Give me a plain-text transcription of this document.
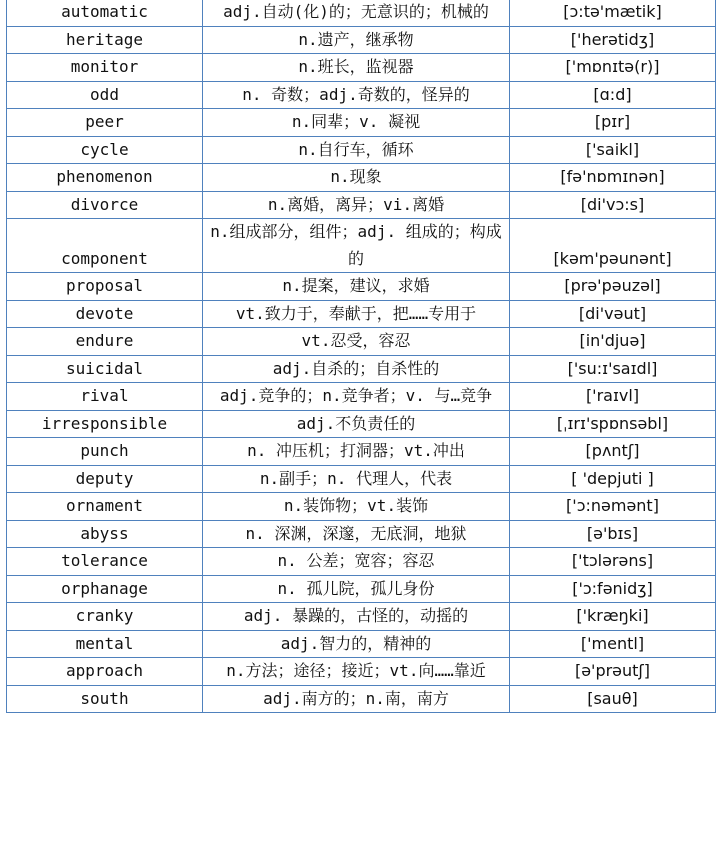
automatic	adj.自动(化)的；无意识的；机械的	[ɔ:tə'mætik]
heritage	n.遗产，继承物	['herətidʒ]
monitor	n.班长，监视器	['mɒnɪtə(r)]
odd	n. 奇数；adj.奇数的，怪异的	[ɑ:d]
peer	n.同辈；v. 凝视	[pɪr]
cycle	n.自行车，循环	['saikl]
phenomenon	n.现象	[fə'nɒmɪnən]
divorce	n.离婚，离异；vi.离婚	[di'vɔ:s]
component	n.组成部分，组件；adj. 组成的；构成的	[kəm'pəunənt]
proposal	n.提案，建议，求婚	[prə'pəuzəl]
devote	vt.致力于，奉献于，把……专用于	[di'vəut]
endure	vt.忍受，容忍	[in'djuə]
suicidal	adj.自杀的；自杀性的	['su:ɪ'saɪdl]
rival	adj.竞争的；n.竞争者；v. 与…竞争	['raɪvl]
irresponsible	adj.不负责任的	[ˌɪrɪ'spɒnsəbl]
punch	n. 冲压机；打洞器；vt.冲出	[pʌntʃ]
deputy	n.副手；n. 代理人，代表	[ 'depjuti ]
ornament	n.装饰物；vt.装饰	['ɔ:nəmənt]
abyss	n. 深渊，深邃，无底洞，地狱	[ə'bɪs]
tolerance	n. 公差；宽容；容忍	['tɔlərəns]
orphanage	n. 孤儿院，孤儿身份	['ɔ:fənidʒ]
cranky	adj. 暴躁的，古怪的，动摇的	['kræŋki]
mental	adj.智力的，精神的	['mentl]
approach	n.方法；途径；接近；vt.向……靠近	[ə'prəutʃ]
south	adj.南方的；n.南，南方	[sauθ]
